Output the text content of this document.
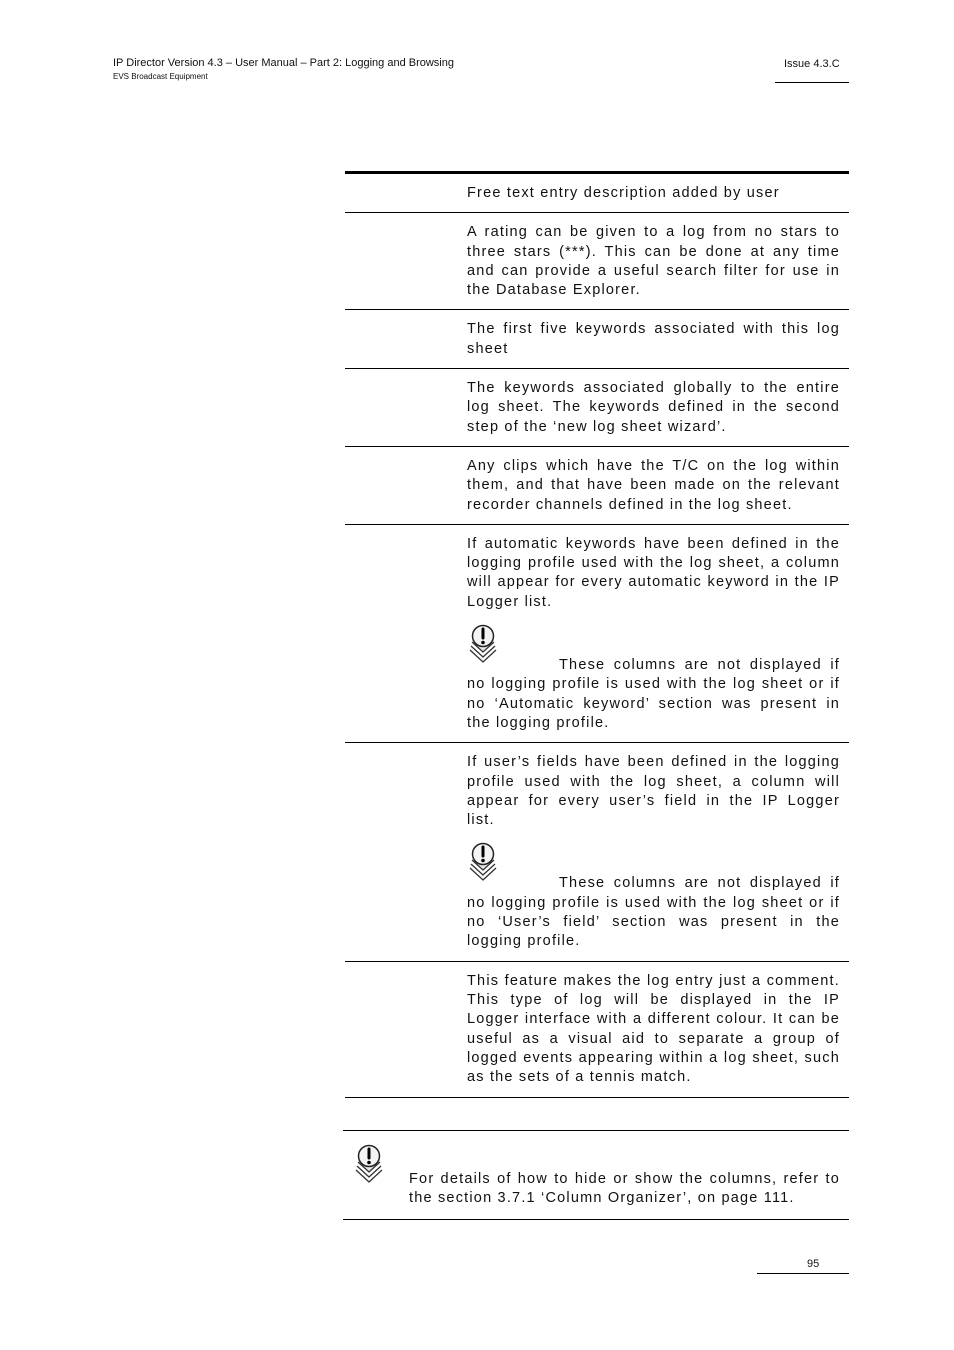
IP Director Version 4.3 – User Manual – Part 2: Logging and Browsing
EVS Broadcast Equipment
Issue 4.3.C

Free text entry description added by user

A rating can be given to a log from no stars to three stars (***). This can be done at any time and can provide a useful search filter for use in the Database Explorer.

The first five keywords associated with this log sheet

The keywords associated globally to the entire log sheet. The keywords defined in the second step of the ‘new log sheet wizard’.

Any clips which have the T/C on the log within them, and that have been made on the relevant recorder channels defined in the log sheet.

If automatic keywords have been defined in the logging profile used with the log sheet, a column will appear for every automatic keyword in the IP Logger list.

These columns are not displayed if no logging profile is used with the log sheet or if no ‘Automatic keyword’ section was present in the logging profile.

If user’s fields have been defined in the logging profile used with the log sheet, a column will appear for every user’s field in the IP Logger list.

These columns are not displayed if no logging profile is used with the log sheet or if no ‘User’s field’ section was present in the logging profile.

This feature makes the log entry just a comment. This type of log will be displayed in the IP Logger interface with a different colour. It can be useful as a visual aid to separate a group of logged events appearing within a log sheet, such as the sets of a tennis match.

For details of how to hide or show the columns, refer to the section 3.7.1 ‘Column Organizer’, on page 111.

95
